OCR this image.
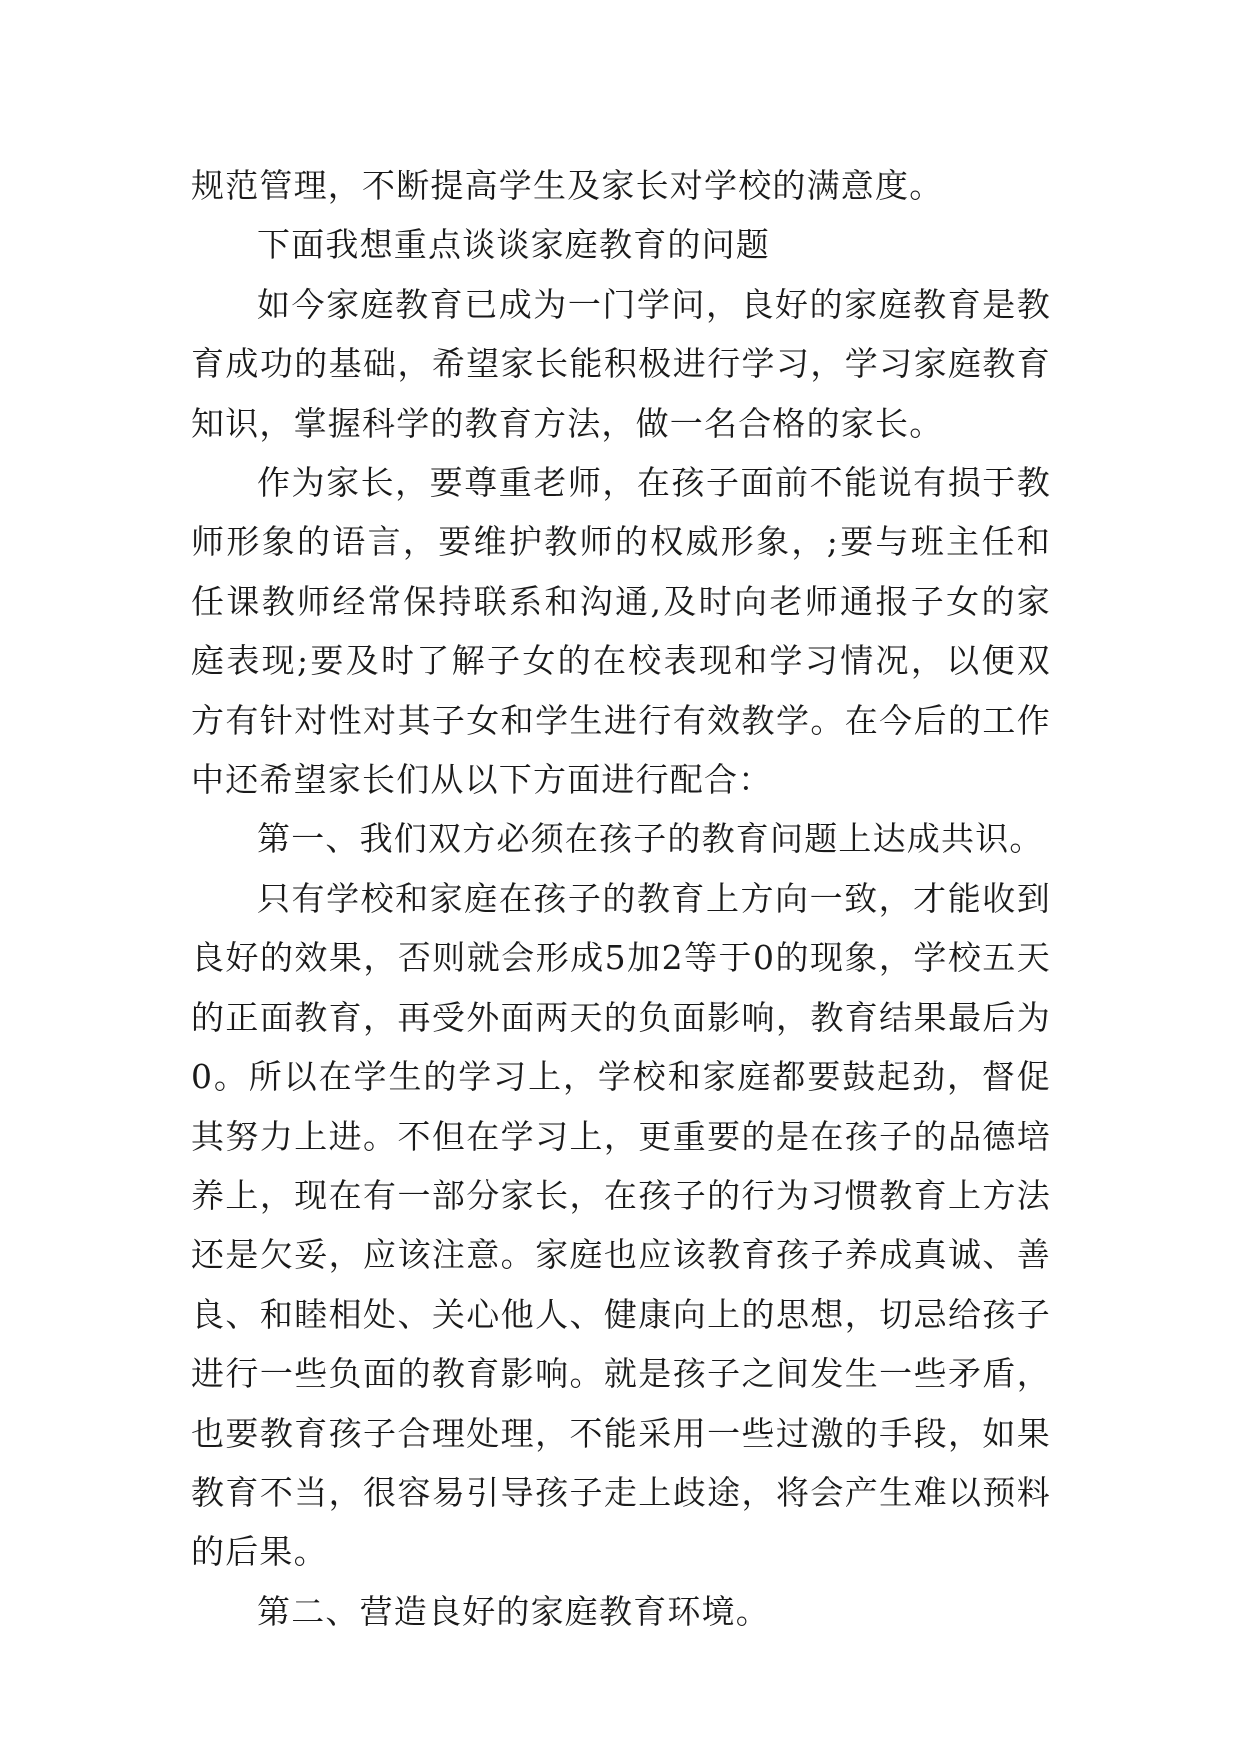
规范管理，不断提高学生及家长对学校的满意度。

下面我想重点谈谈家庭教育的问题

如今家庭教育已成为一门学问，良好的家庭教育是教育成功的基础，希望家长能积极进行学习，学习家庭教育知识，掌握科学的教育方法，做一名合格的家长。

作为家长，要尊重老师，在孩子面前不能说有损于教师形象的语言，要维护教师的权威形象，;要与班主任和任课教师经常保持联系和沟通,及时向老师通报子女的家庭表现;要及时了解子女的在校表现和学习情况，以便双方有针对性对其子女和学生进行有效教学。在今后的工作中还希望家长们从以下方面进行配合：

第一、我们双方必须在孩子的教育问题上达成共识。

只有学校和家庭在孩子的教育上方向一致，才能收到良好的效果，否则就会形成5加2等于0的现象，学校五天的正面教育，再受外面两天的负面影响，教育结果最后为0。所以在学生的学习上，学校和家庭都要鼓起劲，督促其努力上进。不但在学习上，更重要的是在孩子的品德培养上，现在有一部分家长，在孩子的行为习惯教育上方法还是欠妥，应该注意。家庭也应该教育孩子养成真诚、善良、和睦相处、关心他人、健康向上的思想，切忌给孩子进行一些负面的教育影响。就是孩子之间发生一些矛盾，也要教育孩子合理处理，不能采用一些过激的手段，如果教育不当，很容易引导孩子走上歧途，将会产生难以预料的后果。

第二、营造良好的家庭教育环境。
